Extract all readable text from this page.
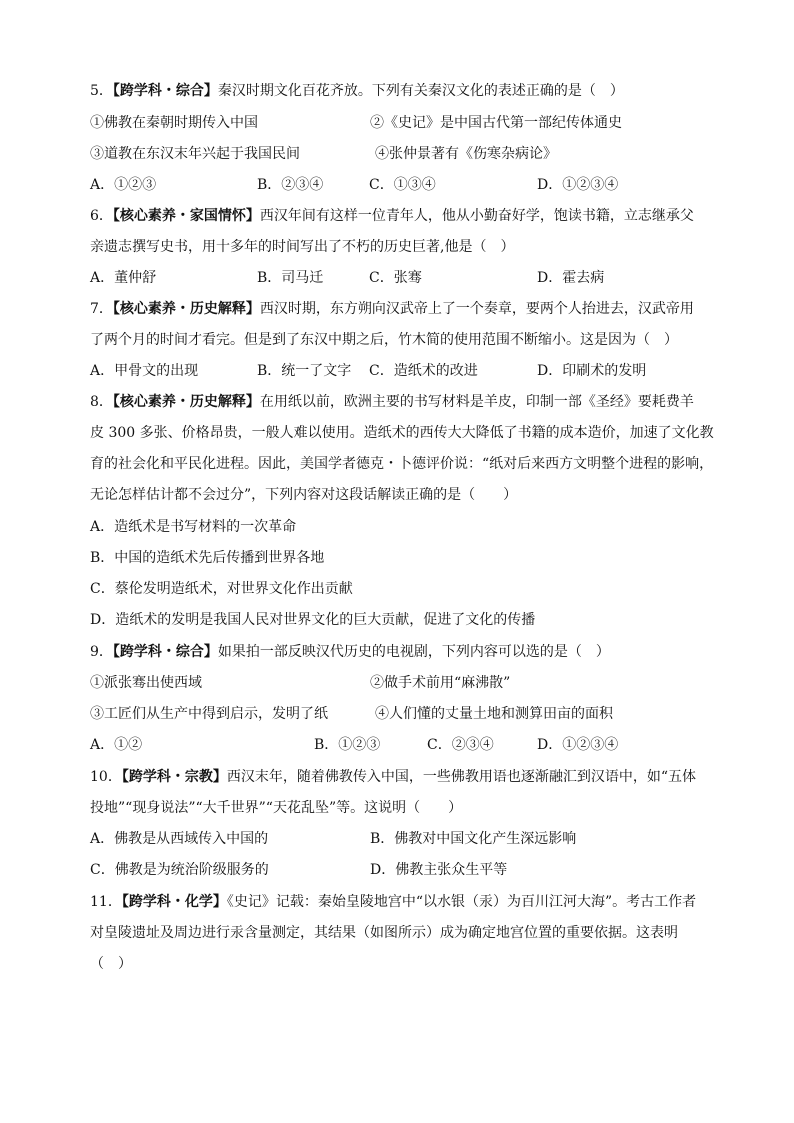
5．【跨学科・综合】秦汉时期文化百花齐放。下列有关秦汉文化的表述正确的是（　）
①佛教在秦朝时期传入中国	②《史记》是中国古代第一部纪传体通史
③道教在东汉末年兴起于我国民间	④张仲景著有《伤寒杂病论》
A．①②③	B．②③④	C．①③④	D．①②③④
6．【核心素养・家国情怀】西汉年间有这样一位青年人，他从小勤奋好学，饱读书籍，立志继承父
亲遗志撰写史书，用十多年的时间写出了不朽的历史巨著,他是（　）
A．董仲舒	B．司马迁	C．张骞	D．霍去病
7．【核心素养・历史解释】西汉时期，东方朔向汉武帝上了一个奏章，要两个人抬进去，汉武帝用
了两个月的时间才看完。但是到了东汉中期之后，竹木简的使用范围不断缩小。这是因为（　）
A．甲骨文的出现	B．统一了文字 C．造纸术的改进	D．印刷术的发明
8．【核心素养・历史解释】在用纸以前，欧洲主要的书写材料是羊皮，印制一部《圣经》要耗费羊
皮 300 多张、价格昂贵，一般人难以使用。造纸术的西传大大降低了书籍的成本造价，加速了文化教
育的社会化和平民化进程。因此，美国学者德克・卜德评价说：“纸对后来西方文明整个进程的影响，
无论怎样估计都不会过分”，下列内容对这段话解读正确的是（　　）
A．造纸术是书写材料的一次革命
B．中国的造纸术先后传播到世界各地
C．蔡伦发明造纸术，对世界文化作出贡献
D．造纸术的发明是我国人民对世界文化的巨大贡献，促进了文化的传播
9．【跨学科・综合】如果拍一部反映汉代历史的电视剧，下列内容可以选的是（　）
①派张骞出使西域	②做手术前用“麻沸散”
③工匠们从生产中得到启示，发明了纸	④人们懂的丈量土地和测算田亩的面积
A．①②	B．①②③	C．②③④	D．①②③④
10．【跨学科・宗教】西汉末年，随着佛教传入中国，一些佛教用语也逐渐融汇到汉语中，如“五体
投地”“现身说法”“大千世界”“天花乱坠”等。这说明（　　）
A．佛教是从西域传入中国的	B．佛教对中国文化产生深远影响
C．佛教是为统治阶级服务的	D．佛教主张众生平等
11．【跨学科・化学】《史记》记载：秦始皇陵地宫中“以水银（汞）为百川江河大海”。考古工作者
对皇陵遗址及周边进行汞含量测定，其结果（如图所示）成为确定地宫位置的重要依据。这表明
（　）
